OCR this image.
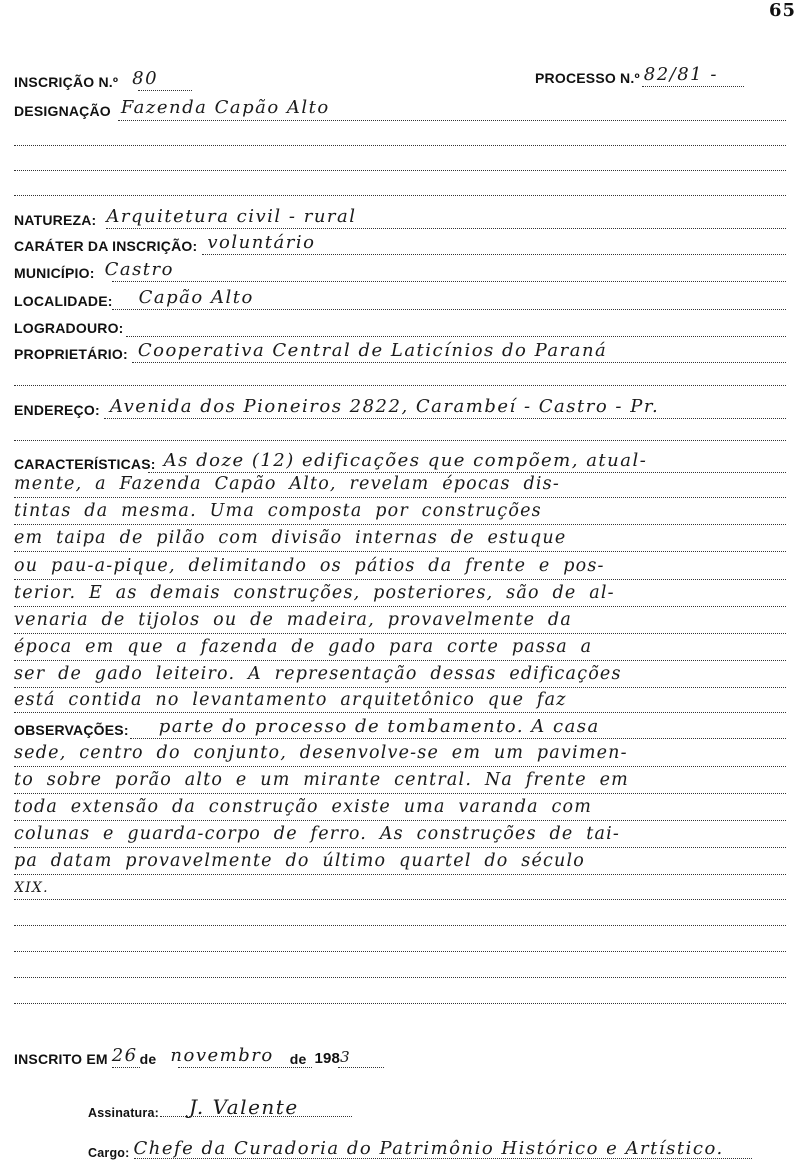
65
INSCRIÇÃO N.º 80	PROCESSO N.º 82/81 -
DESIGNAÇÃO Fazenda Capão Alto
NATUREZA: Arquitetura civil - rural
CARÁTER DA INSCRIÇÃO: voluntário
MUNICÍPIO: Castro
LOCALIDADE: Capão Alto
LOGRADOURO:
PROPRIETÁRIO: Cooperativa Central de Laticínios do Paraná
ENDEREÇO: Avenida dos Pioneiros 2822, Carambeí - Castro - Pr.
CARACTERÍSTICAS: As doze (12) edificações que compõem, atual-
mente, a Fazenda Capão Alto, revelam épocas dis-
tintas da mesma. Uma composta por construções
em taipa de pilão com divisão internas de estuque
ou pau-a-pique, delimitando os pátios da frente e pos-
terior. E as demais construções, posteriores, são de al-
venaria de tijolos ou de madeira, provavelmente da
época em que a fazenda de gado para corte passa a
ser de gado leiteiro. A representação dessas edificações
está contida no levantamento arquitetônico que faz
OBSERVAÇÕES: parte do processo de tombamento. A casa
sede, centro do conjunto, desenvolve-se em um pavimen-
to sobre porão alto e um mirante central. Na frente em
toda extensão da construção existe uma varanda com
colunas e guarda-corpo de ferro. As construções de tai-
pa datam provavelmente do último quartel do século
XIX.
INSCRITO EM 26 de novembro de 198 3
Assinatura: J. Valente
Cargo: Chefe da Curadoria do Patrimônio Histórico e Artístico.
